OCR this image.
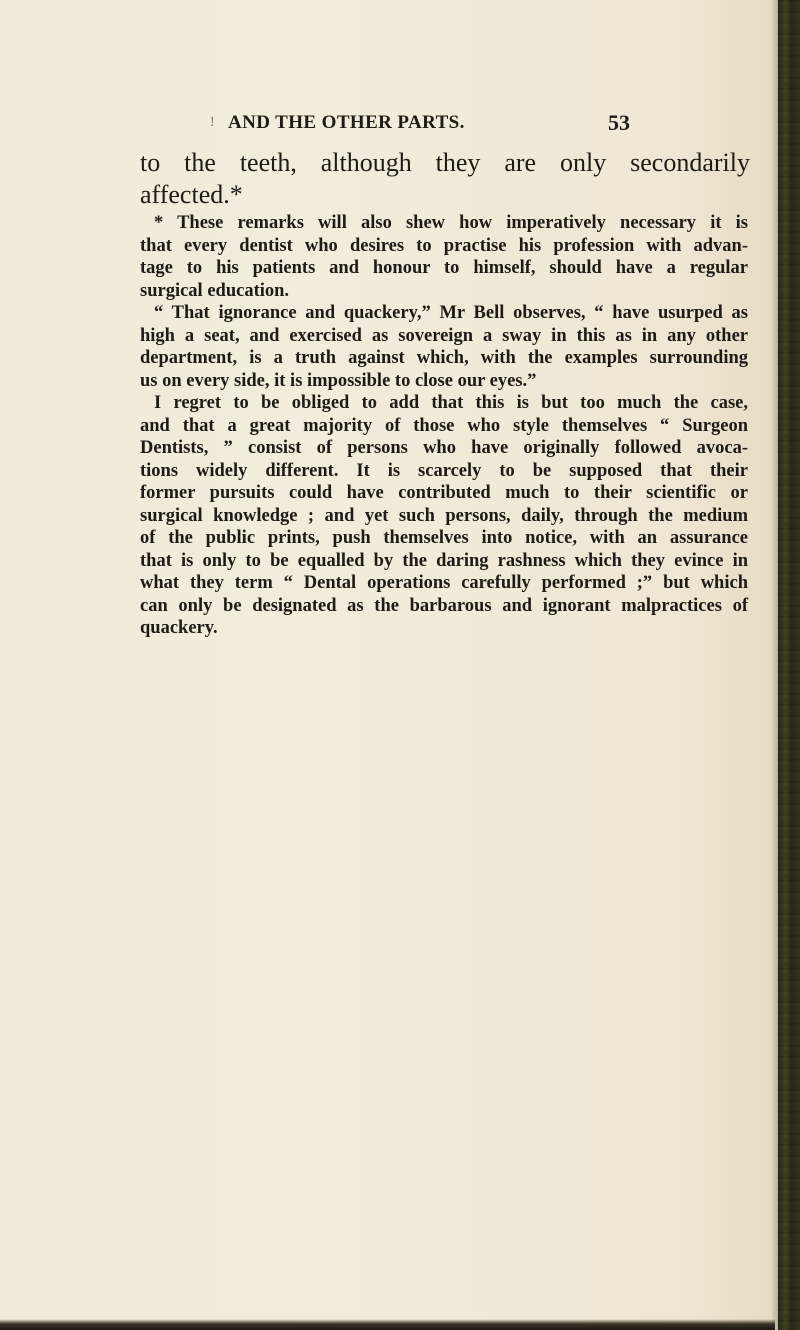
! AND THE OTHER PARTS.	53
to the teeth, although they are only secondarily
affected.*
* These remarks will also shew how imperatively necessary it is
that every dentist who desires to practise his profession with advan-
tage to his patients and honour to himself, should have a regular
surgical education.
“ That ignorance and quackery,” Mr Bell observes, “ have usurped as
high a seat, and exercised as sovereign a sway in this as in any other
department, is a truth against which, with the examples surrounding
us on every side, it is impossible to close our eyes.”
I regret to be obliged to add that this is but too much the case,
and that a great majority of those who style themselves “ Surgeon
Dentists, ” consist of persons who have originally followed avoca-
tions widely different. It is scarcely to be supposed that their
former pursuits could have contributed much to their scientific or
surgical knowledge ; and yet such persons, daily, through the medium
of the public prints, push themselves into notice, with an assurance
that is only to be equalled by the daring rashness which they evince in
what they term “ Dental operations carefully performed ;” but which
can only be designated as the barbarous and ignorant malpractices of
quackery.
